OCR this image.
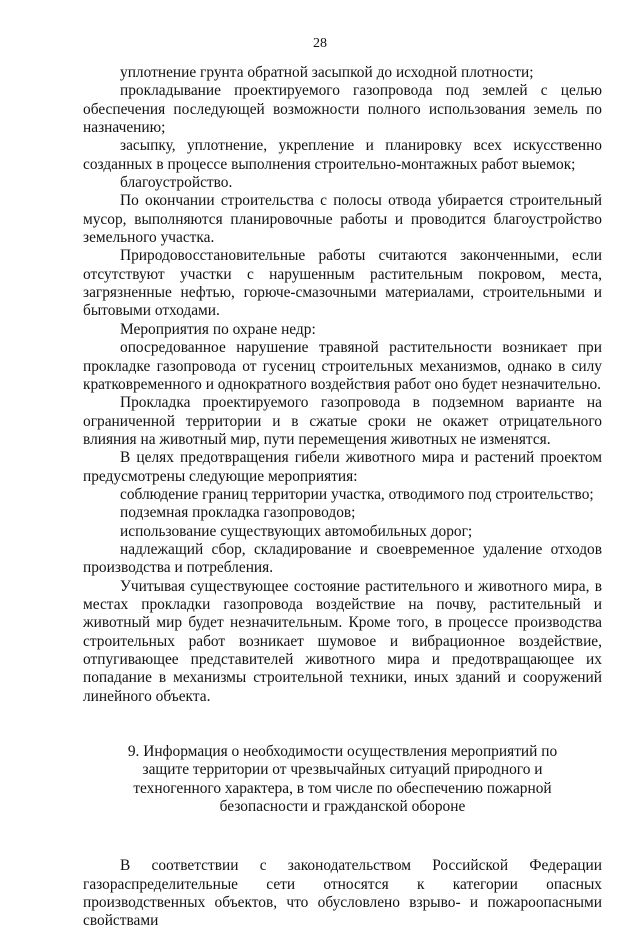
28

уплотнение грунта обратной засыпкой до исходной плотности;

прокладывание проектируемого газопровода под землей с целью обеспечения последующей возможности полного использования земель по назначению;

засыпку, уплотнение, укрепление и планировку всех искусственно созданных в процессе выполнения строительно-монтажных работ выемок;

благоустройство.

По окончании строительства с полосы отвода убирается строительный мусор, выполняются планировочные работы и проводится благоустройство земельного участка.

Природовосстановительные работы считаются законченными, если отсутствуют участки с нарушенным растительным покровом, места, загрязненные нефтью, горюче-смазочными материалами, строительными и бытовыми отходами.

Мероприятия по охране недр:

опосредованное нарушение травяной растительности возникает при прокладке газопровода от гусениц строительных механизмов, однако в силу кратковременного и однократного воздействия работ оно будет незначительно.

Прокладка проектируемого газопровода в подземном варианте на ограниченной территории и в сжатые сроки не окажет отрицательного влияния на животный мир, пути перемещения животных не изменятся.

В целях предотвращения гибели животного мира и растений проектом предусмотрены следующие мероприятия:

соблюдение границ территории участка, отводимого под строительство;

подземная прокладка газопроводов;

использование существующих автомобильных дорог;

надлежащий сбор, складирование и своевременное удаление отходов производства и потребления.

Учитывая существующее состояние растительного и животного мира, в местах прокладки газопровода воздействие на почву, растительный и животный мир будет незначительным. Кроме того, в процессе производства строительных работ возникает шумовое и вибрационное воздействие, отпугивающее представителей животного мира и предотвращающее их попадание в механизмы строительной техники, иных зданий и сооружений линейного объекта.

9. Информация о необходимости осуществления мероприятий по
защите территории от чрезвычайных ситуаций природного и
техногенного характера, в том числе по обеспечению пожарной
безопасности и гражданской обороне

В соответствии с законодательством Российской Федерации газораспределительные сети относятся к категории опасных производственных объектов, что обусловлено взрыво- и пожароопасными свойствами
